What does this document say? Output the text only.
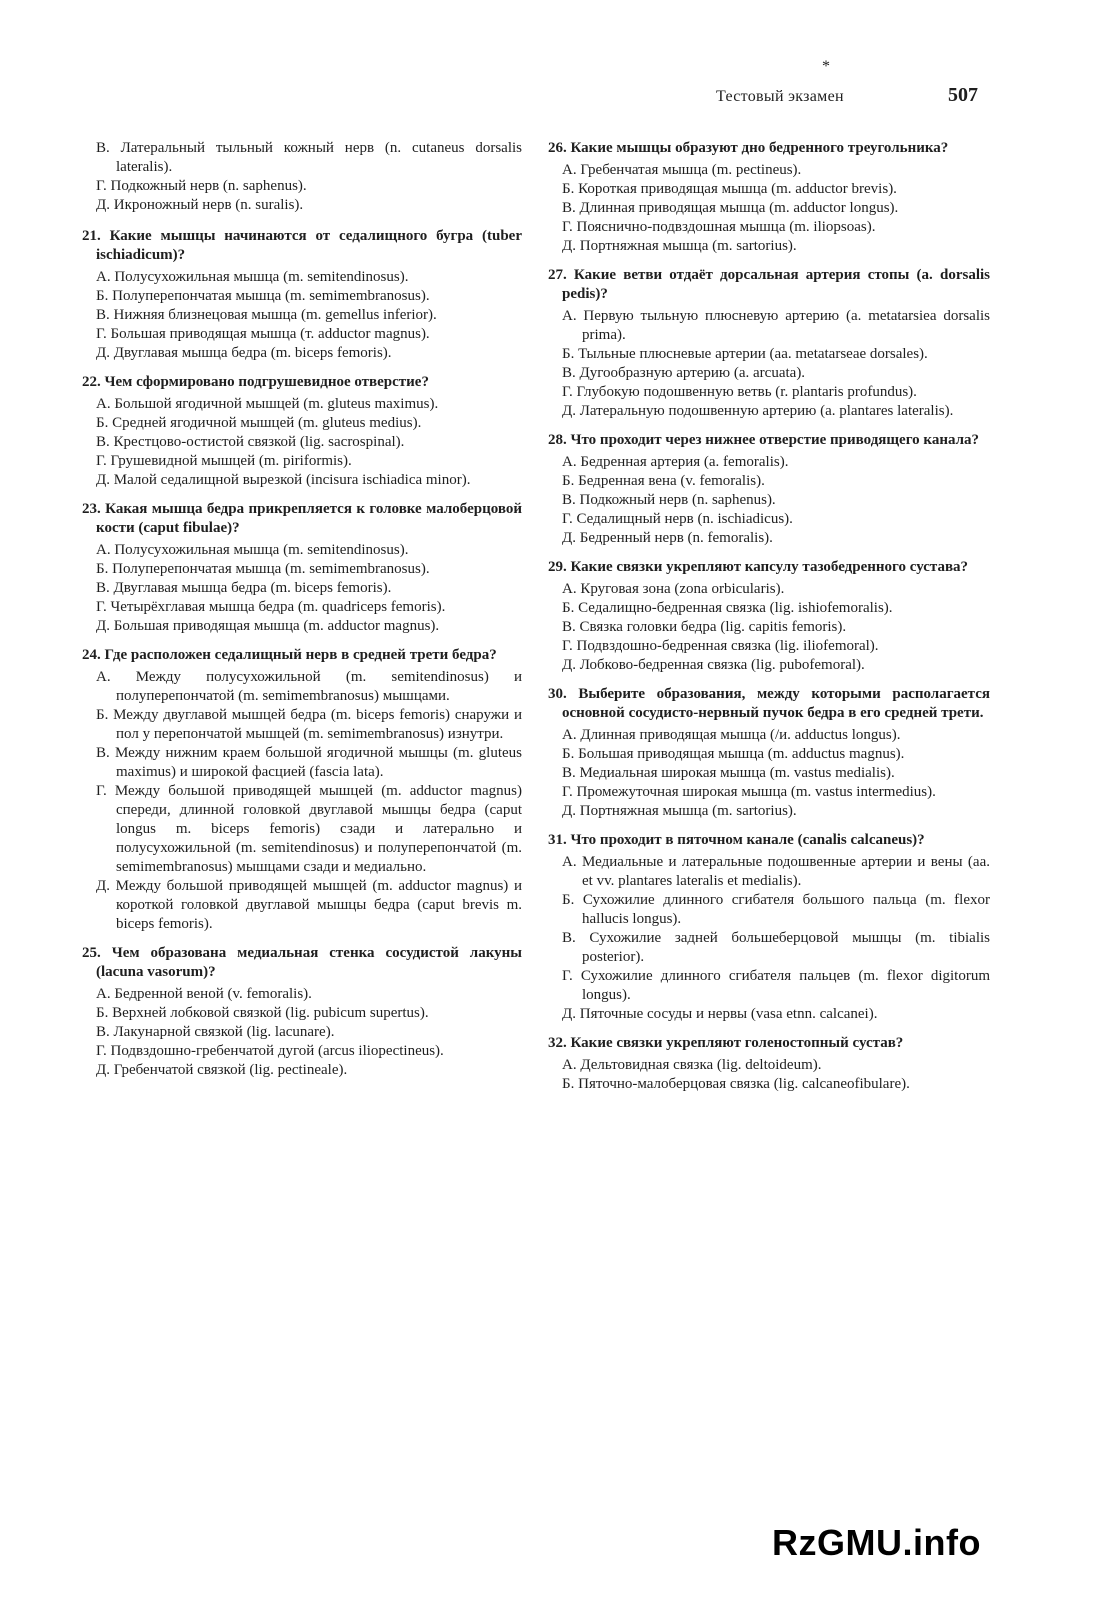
*
Тестовый экзамен	507
В. Латеральный тыльный кожный нерв (n. cutaneus dorsalis lateralis).
Г. Подкожный нерв (n. saphenus).
Д. Икроножный нерв (n. suralis).
21. Какие мышцы начинаются от седалищного бугра (tuber ischiadicum)?
А. Полусухожильная мышца (m. semitendinosus).
Б. Полуперепончатая мышца (m. semimembranosus).
В. Нижняя близнецовая мышца (m. gemellus inferior).
Г. Большая приводящая мышца (т. adductor magnus).
Д. Двуглавая мышца бедра (m. biceps femoris).
22. Чем сформировано подгрушевидное отверстие?
А. Большой ягодичной мышцей (m. gluteus maximus).
Б. Средней ягодичной мышцей (m. gluteus medius).
В. Крестцово-остистой связкой (lig. sacrospinal).
Г. Грушевидной мышцей (m. piriformis).
Д. Малой седалищной вырезкой (incisura ischiadica minor).
23. Какая мышца бедра прикрепляется к головке малоберцовой кости (caput fibulae)?
А. Полусухожильная мышца (m. semitendinosus).
Б. Полуперепончатая мышца (m. semimembranosus).
В. Двуглавая мышца бедра (m. biceps femoris).
Г. Четырёхглавая мышца бедра (m. quadriceps femoris).
Д. Большая приводящая мышца (m. adductor magnus).
24. Где расположен седалищный нерв в средней трети бедра?
А. Между полусухожильной (m. semitendinosus) и полуперепончатой (m. semimembranosus) мышцами.
Б. Между двуглавой мышцей бедра (m. biceps femoris) снаружи и пол у перепончатой мышцей (m. semimembranosus) изнутри.
В. Между нижним краем большой ягодичной мышцы (m. gluteus maximus) и широкой фасцией (fascia lata).
Г. Между большой приводящей мышцей (m. adductor magnus) спереди, длинной головкой двуглавой мышцы бедра (caput longus m. biceps femoris) сзади и латерально и полусухожильной (m. semitendinosus) и полуперепончатой (m. semimembranosus) мышцами сзади и медиально.
Д. Между большой приводящей мышцей (m. adductor magnus) и короткой головкой двуглавой мышцы бедра (caput brevis m. biceps femoris).
25. Чем образована медиальная стенка сосудистой лакуны (lacuna vasorum)?
А. Бедренной веной (v. femoralis).
Б. Верхней лобковой связкой (lig. pubicum supertus).
В. Лакунарной связкой (lig. lacunare).
Г. Подвздошно-гребенчатой дугой (arcus iliopectineus).
Д. Гребенчатой связкой (lig. pectineale).
26. Какие мышцы образуют дно бедренного треугольника?
А. Гребенчатая мышца (m. pectineus).
Б. Короткая приводящая мышца (m. adductor brevis).
В. Длинная приводящая мышца (m. adductor longus).
Г. Пояснично-подвздошная мышца (m. iliopsoas).
Д. Портняжная мышца (m. sartorius).
27. Какие ветви отдаёт дорсальная артерия стопы (a. dorsalis pedis)?
А. Первую тыльную плюсневую артерию (a. metatarsiea dorsalis prima).
Б. Тыльные плюсневые артерии (aa. metatarseae dorsales).
В. Дугообразную артерию (a. arcuata).
Г. Глубокую подошвенную ветвь (r. plantaris profundus).
Д. Латеральную подошвенную артерию (a. plantares lateralis).
28. Что проходит через нижнее отверстие приводящего канала?
А. Бедренная артерия (a. femoralis).
Б. Бедренная вена (v. femoralis).
В. Подкожный нерв (n. saphenus).
Г. Седалищный нерв (n. ischiadicus).
Д. Бедренный нерв (n. femoralis).
29. Какие связки укрепляют капсулу тазобедренного сустава?
А. Круговая зона (zona orbicularis).
Б. Седалищно-бедренная связка (lig. ishiofemoralis).
В. Связка головки бедра (lig. capitis femoris).
Г. Подвздошно-бедренная связка (lig. iliofemoral).
Д. Лобково-бедренная связка (lig. pubofemoral).
30. Выберите образования, между которыми располагается основной сосудисто-нервный пучок бедра в его средней трети.
А. Длинная приводящая мышца (/и. adductus longus).
Б. Большая приводящая мышца (m. adductus magnus).
В. Медиальная широкая мышца (m. vastus medialis).
Г. Промежуточная широкая мышца (m. vastus intermedius).
Д. Портняжная мышца (m. sartorius).
31. Что проходит в пяточном канале (canalis calcaneus)?
А. Медиальные и латеральные подошвенные артерии и вены (aa. et vv. plantares lateralis et medialis).
Б. Сухожилие длинного сгибателя большого пальца (m. flexor hallucis longus).
В. Сухожилие задней большеберцовой мышцы (m. tibialis posterior).
Г. Сухожилие длинного сгибателя пальцев (m. flexor digitorum longus).
Д. Пяточные сосуды и нервы (vasa etnn. calcanei).
32. Какие связки укрепляют голеностопный сустав?
А. Дельтовидная связка (lig. deltoideum).
Б. Пяточно-малоберцовая связка (lig. calcaneofibulare).
RzGMU.info
